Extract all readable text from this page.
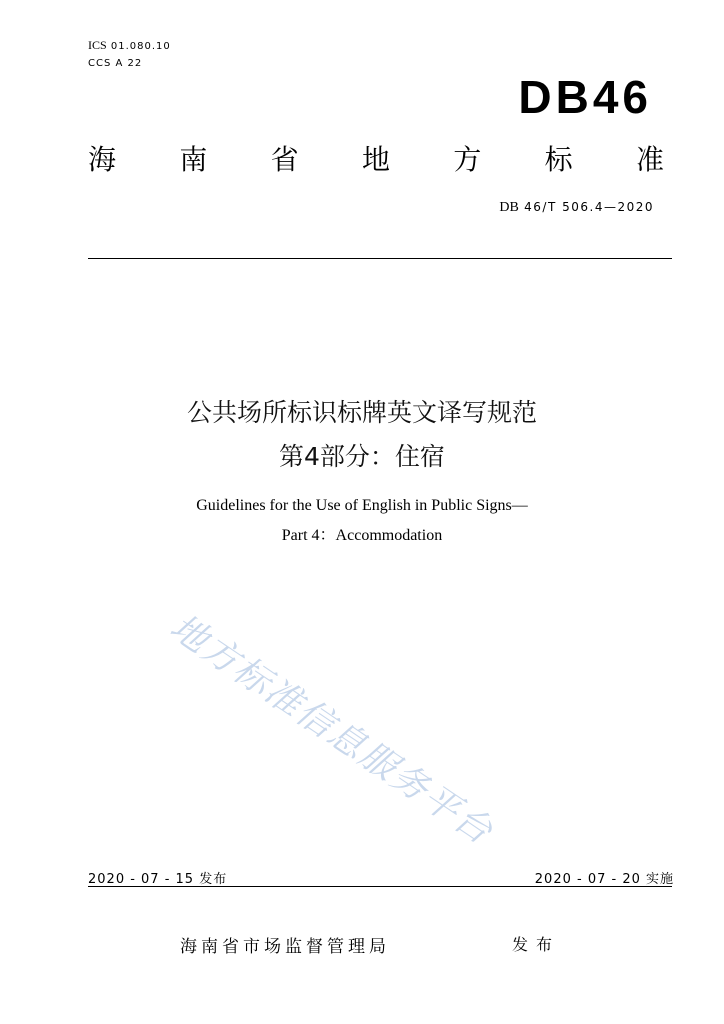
ICS 01.080.10
CCS A 22
DB46
海 南 省 地 方 标 准
DB 46/T 506.4—2020
公共场所标识标牌英文译写规范
第4部分：住宿
Guidelines for the Use of English in Public Signs—
Part 4：Accommodation
地方标准信息服务平台
2020 - 07 - 15 发布	2020 - 07 - 20 实施
海南省市场监督管理局	发布
